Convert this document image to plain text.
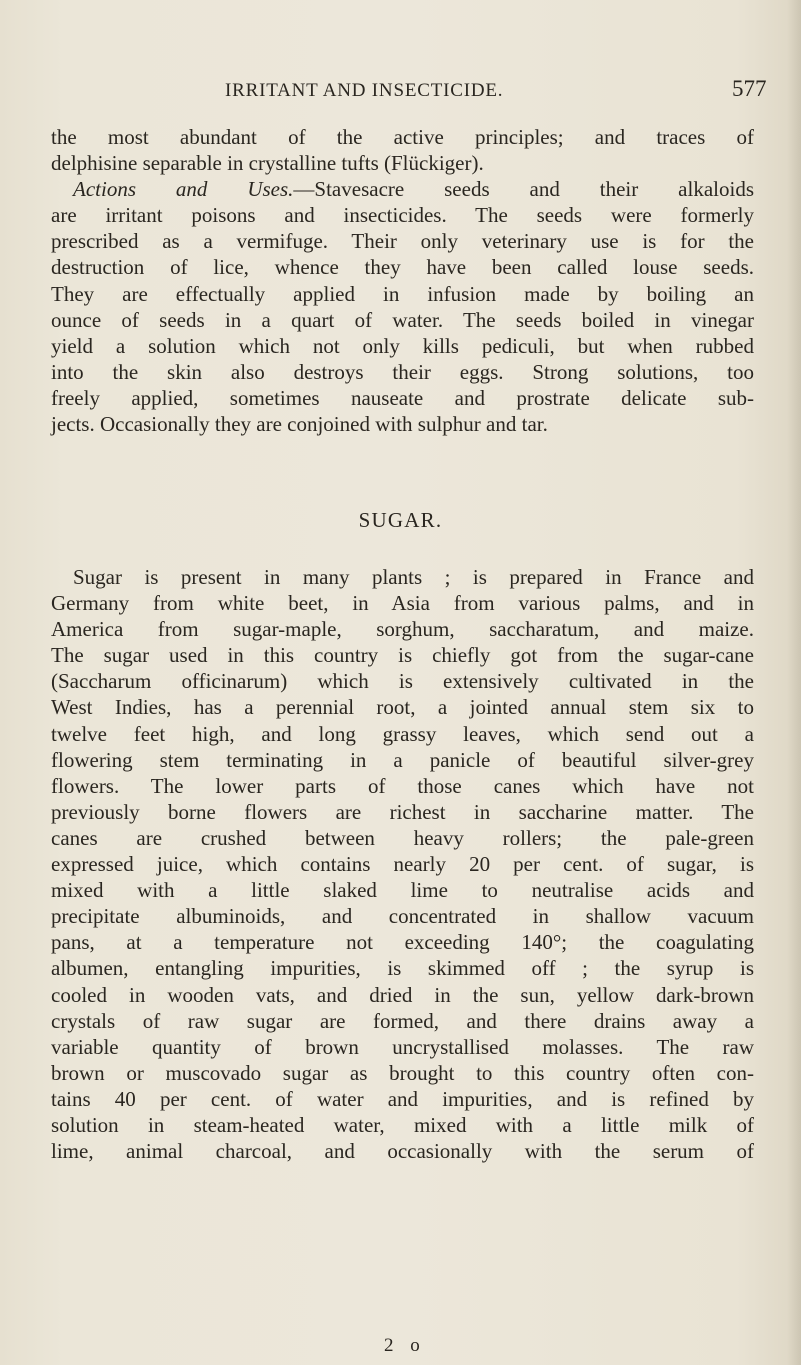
IRRITANT AND INSECTICIDE.	577
the most abundant of the active principles; and traces of
delphisine separable in crystalline tufts (Flückiger).
Actions and Uses.—Stavesacre seeds and their alkaloids
are irritant poisons and insecticides. The seeds were formerly
prescribed as a vermifuge. Their only veterinary use is for the
destruction of lice, whence they have been called louse seeds.
They are effectually applied in infusion made by boiling an
ounce of seeds in a quart of water. The seeds boiled in vinegar
yield a solution which not only kills pediculi, but when rubbed
into the skin also destroys their eggs. Strong solutions, too
freely applied, sometimes nauseate and prostrate delicate sub-
jects. Occasionally they are conjoined with sulphur and tar.
SUGAR.
Sugar is present in many plants ; is prepared in France and
Germany from white beet, in Asia from various palms, and in
America from sugar-maple, sorghum, saccharatum, and maize.
The sugar used in this country is chiefly got from the sugar-cane
(Saccharum officinarum) which is extensively cultivated in the
West Indies, has a perennial root, a jointed annual stem six to
twelve feet high, and long grassy leaves, which send out a
flowering stem terminating in a panicle of beautiful silver-grey
flowers. The lower parts of those canes which have not
previously borne flowers are richest in saccharine matter. The
canes are crushed between heavy rollers; the pale-green
expressed juice, which contains nearly 20 per cent. of sugar, is
mixed with a little slaked lime to neutralise acids and
precipitate albuminoids, and concentrated in shallow vacuum
pans, at a temperature not exceeding 140°; the coagulating
albumen, entangling impurities, is skimmed off ; the syrup is
cooled in wooden vats, and dried in the sun, yellow dark-brown
crystals of raw sugar are formed, and there drains away a
variable quantity of brown uncrystallised molasses. The raw
brown or muscovado sugar as brought to this country often con-
tains 40 per cent. of water and impurities, and is refined by
solution in steam-heated water, mixed with a little milk of
lime, animal charcoal, and occasionally with the serum of
2 o
